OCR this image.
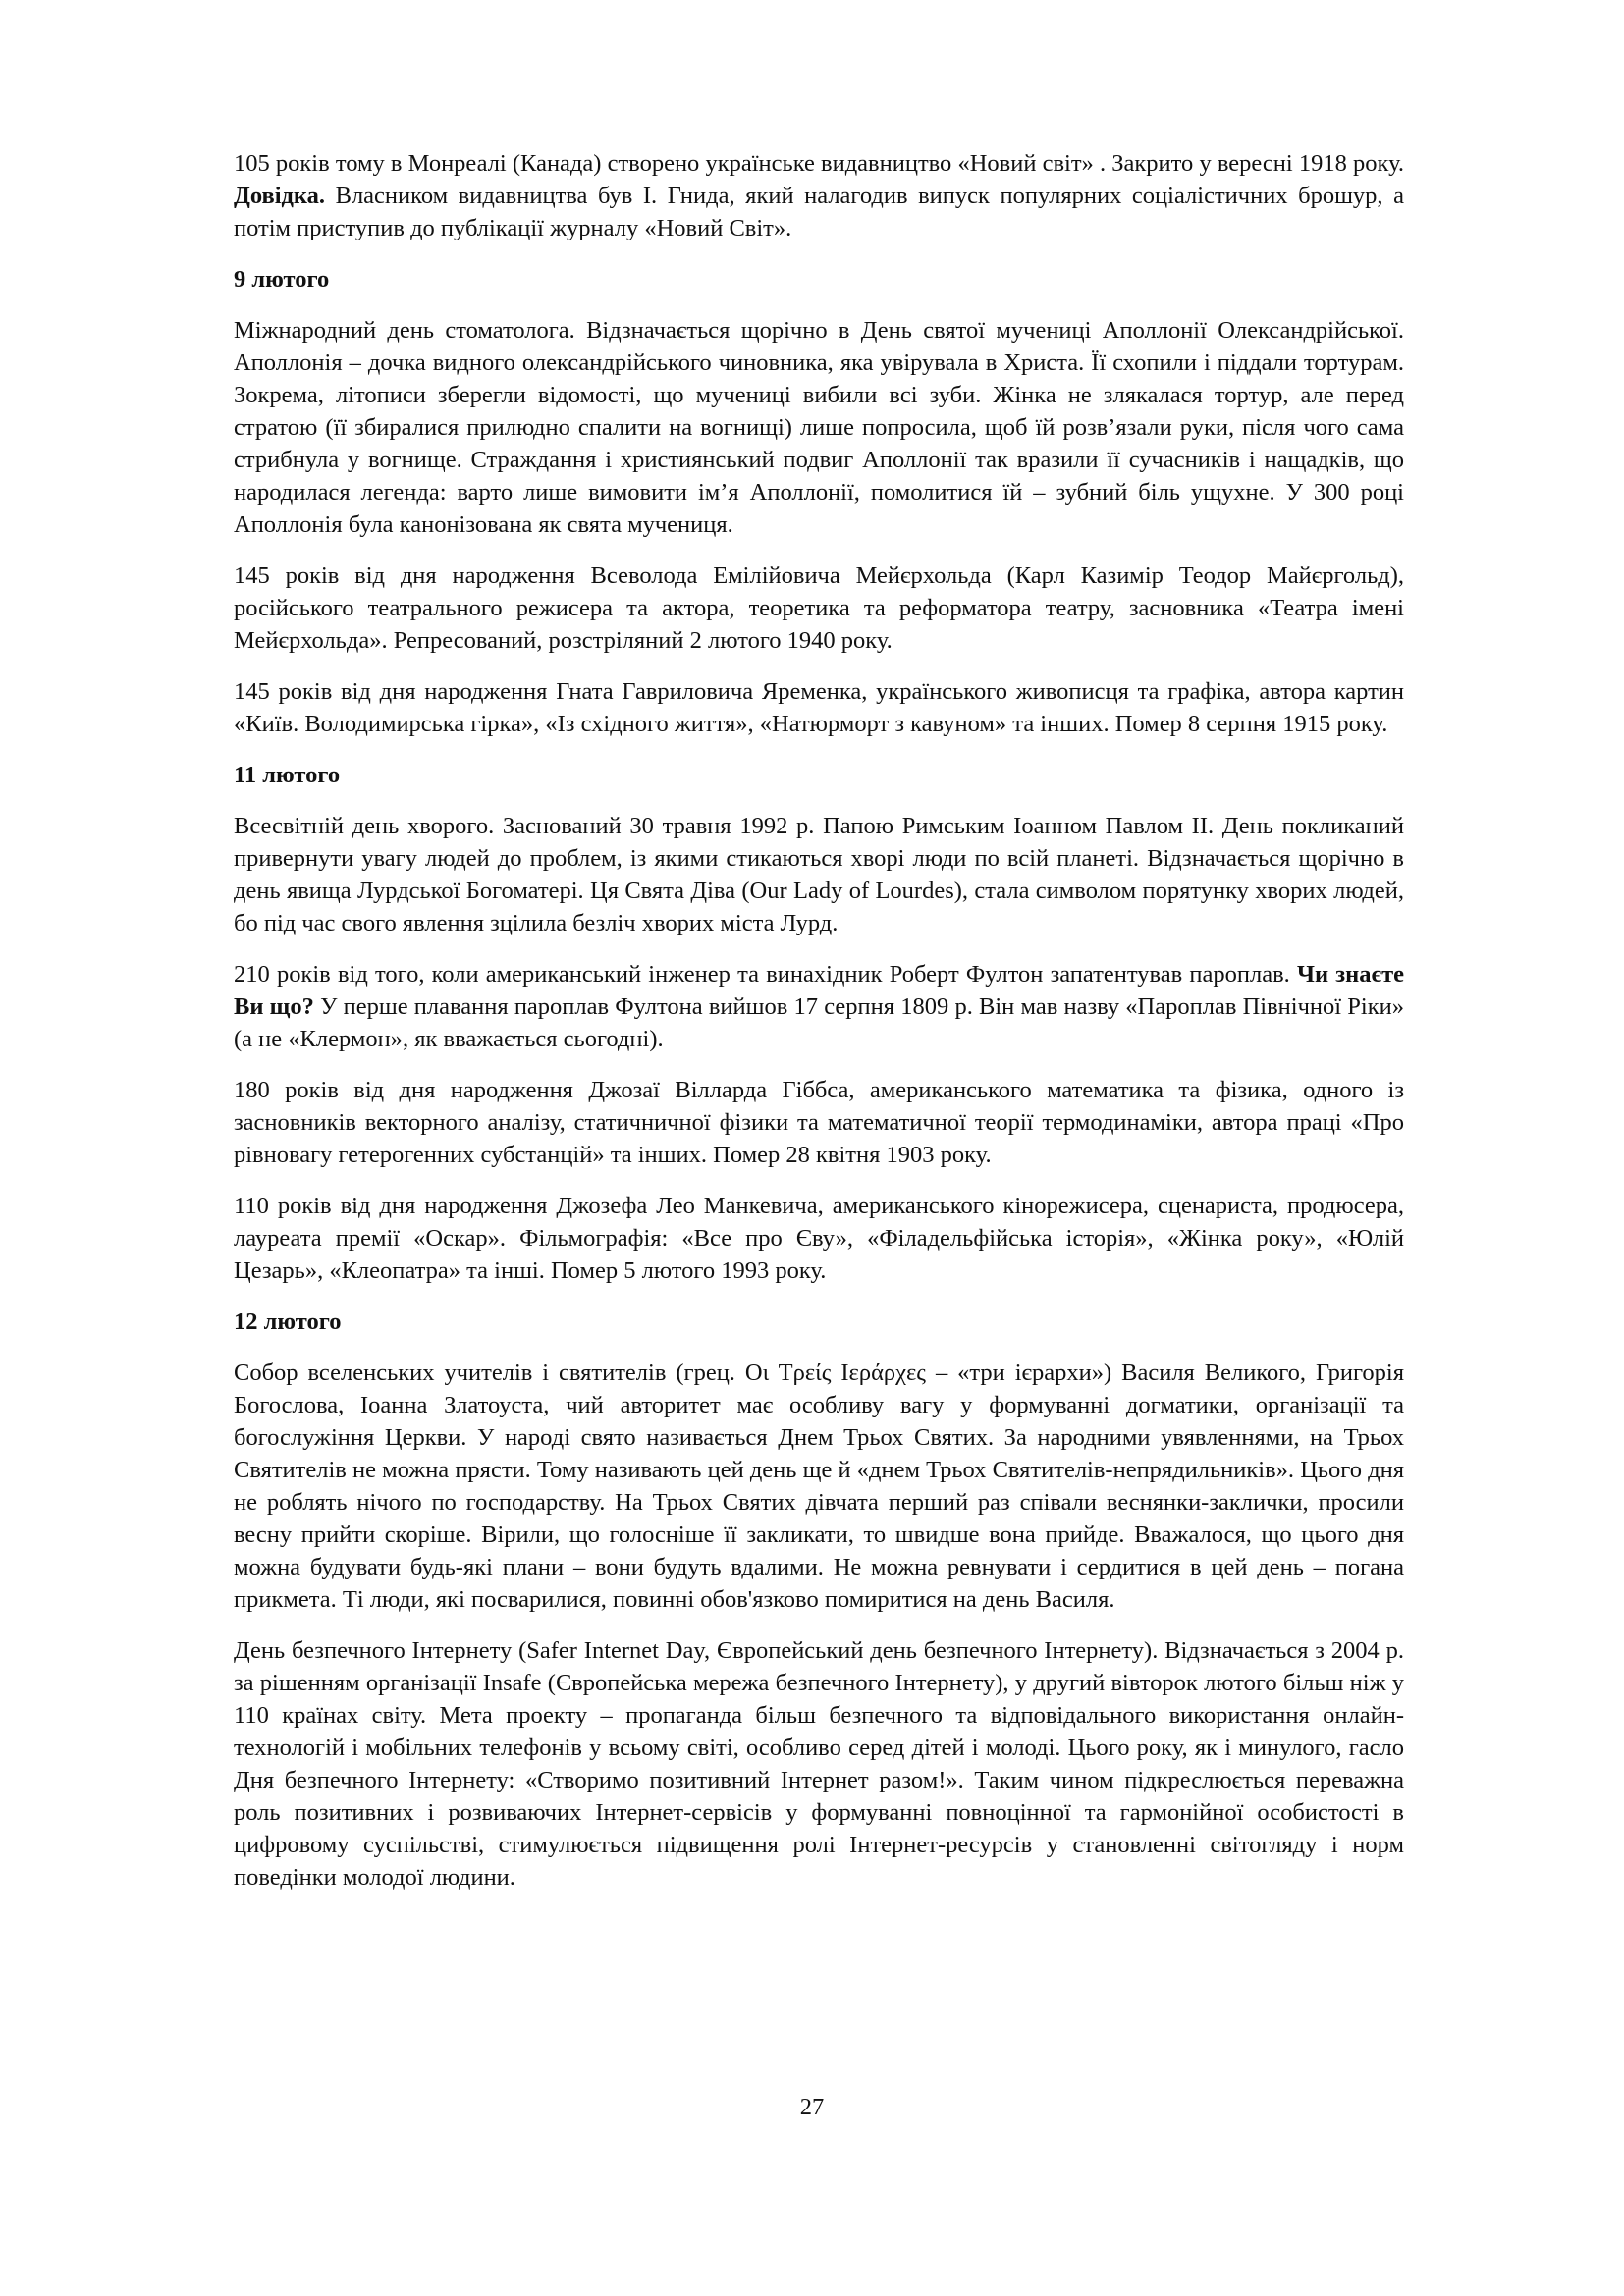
105 років тому в Монреалі (Канада) створено українське видавництво «Новий світ» . Закрито у вересні 1918 року. Довідка. Власником видавництва був І. Гнида, який налагодив випуск популярних соціалістичних брошур, а потім приступив до публікації журналу «Новий Світ».

9 лютого

Міжнародний день стоматолога. Відзначається щорічно в День святої мучениці Аполлонії Олександрійської. Аполлонія – дочка видного олександрійського чиновника, яка увірувала в Христа. Її схопили і піддали тортурам. Зокрема, літописи зберегли відомості, що мучениці вибили всі зуби. Жінка не злякалася тортур, але перед стратою (її збиралися прилюдно спалити на вогнищі) лише попросила, щоб їй розв’язали руки, після чого сама стрибнула у вогнище. Страждання і християнський подвиг Аполлонії так вразили її сучасників і нащадків, що народилася легенда: варто лише вимовити ім’я Аполлонії, помолитися їй – зубний біль ущухне. У 300 році Аполлонія була канонізована як свята мучениця.

145 років від дня народження Всеволода Емілійовича Мейєрхольда (Карл Казимір Теодор Майєргольд), російського театрального режисера та актора, теоретика та реформатора театру, засновника «Театра імені Мейєрхольда». Репресований, розстріляний 2 лютого 1940 року.

145 років від дня народження Гната Гавриловича Яременка, українського живописця та графіка, автора картин «Київ. Володимирська гірка», «Із східного життя», «Натюрморт з кавуном» та інших. Помер 8 серпня 1915 року.

11 лютого

Всесвітній день хворого. Заснований 30 травня 1992 р. Папою Римським Іоанном Павлом ІІ. День покликаний привернути увагу людей до проблем, із якими стикаються хворі люди по всій планеті. Відзначається щорічно в день явища Лурдської Богоматері. Ця Свята Діва (Our Lady of Lourdes), стала символом порятунку хворих людей, бо під час свого явлення зцілила безліч хворих міста Лурд.

210 років від того, коли американський інженер та винахідник Роберт Фултон запатентував пароплав. Чи знаєте Ви що? У перше плавання пароплав Фултона вийшов 17 серпня 1809 р. Він мав назву «Пароплав Північної Ріки» (а не «Клермон», як вважається сьогодні).

180 років від дня народження Джозаї Вілларда Гіббса, американського математика та фізика, одного із засновників векторного аналізу, статичничної фізики та математичної теорії термодинаміки, автора праці «Про рівновагу гетерогенних субстанцій» та інших. Помер 28 квітня 1903 року.

110 років від дня народження Джозефа Лео Манкевича, американського кінорежисера, сценариста, продюсера, лауреата премії «Оскар». Фільмографія: «Все про Єву», «Філадельфійська історія», «Жінка року», «Юлій Цезарь», «Клеопатра» та інші. Помер 5 лютого 1993 року.

12 лютого

Собор вселенських учителів і святителів (грец. Οι Τρείς Ιεράρχες – «три ієрархи») Василя Великого, Григорія Богослова, Іоанна Златоуста, чий авторитет має особливу вагу у формуванні догматики, організації та богослужіння Церкви. У народі свято називається Днем Трьох Святих. За народними увявленнями, на Трьох Святителів не можна прясти. Тому називають цей день ще й «днем Трьох Святителів-непрядильників». Цього дня не роблять нічого по господарству. На Трьох Святих дівчата перший раз співали веснянки-заклички, просили весну прийти скоріше. Вірили, що голосніше її закликати, то швидше вона прийде. Вважалося, що цього дня можна будувати будь-які плани – вони будуть вдалими. Не можна ревнувати і сердитися в цей день – погана прикмета. Ті люди, які посварилися, повинні обов'язково помиритися на день Василя.

День безпечного Інтернету (Safer Internet Day, Європейський день безпечного Інтернету). Відзначається з 2004 р. за рішенням організації Insafe (Європейська мережа безпечного Інтернету), у другий вівторок лютого більш ніж у 110 країнах світу. Мета проекту – пропаганда більш безпечного та відповідального використання онлайн-технологій і мобільних телефонів у всьому світі, особливо серед дітей і молоді. Цього року, як і минулого, гасло Дня безпечного Інтернету: «Створимо позитивний Інтернет разом!». Таким чином підкреслюється переважна роль позитивних і розвиваючих Інтернет-сервісів у формуванні повноцінної та гармонійної особистості в цифровому суспільстві, стимулюється підвищення ролі Інтернет-ресурсів у становленні світогляду і норм поведінки молодої людини.

27
